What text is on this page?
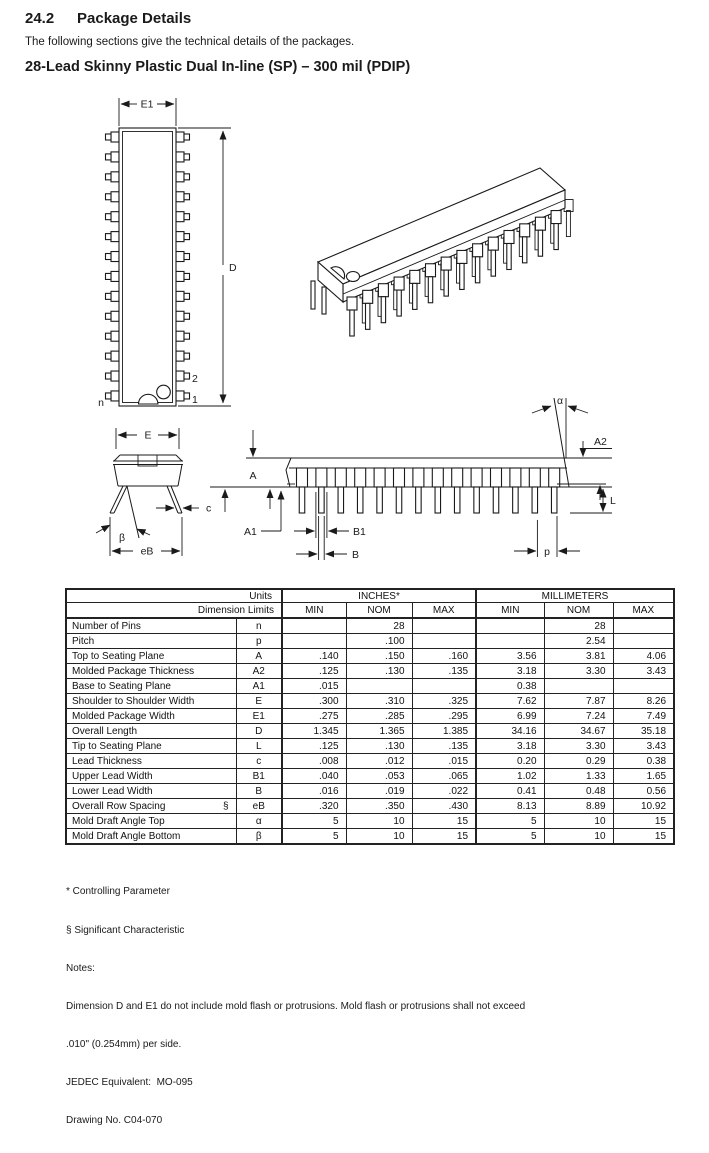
24.2 Package Details
The following sections give the technical details of the packages.
28-Lead Skinny Plastic Dual In-line (SP) – 300 mil (PDIP)
E1
D
n
2
1
E
β
c
eB
α
A
A1
A2
L
B1
B	p
Units		INCHES*			MILLIMETERS		
Dimension Limits		MIN	NOM	MAX	MIN	NOM	MAX
Number of Pins	n		28			28	
Pitch	p		.100			2.54	
Top to Seating Plane	A	.140	.150	.160	3.56	3.81	4.06
Molded Package Thickness	A2	.125	.130	.135	3.18	3.30	3.43
Base to Seating Plane	A1	.015			0.38		
Shoulder to Shoulder Width	E	.300	.310	.325	7.62	7.87	8.26
Molded Package Width	E1	.275	.285	.295	6.99	7.24	7.49
Overall Length	D	1.345	1.365	1.385	34.16	34.67	35.18
Tip to Seating Plane	L	.125	.130	.135	3.18	3.30	3.43
Lead Thickness	c	.008	.012	.015	0.20	0.29	0.38
Upper Lead Width	B1	.040	.053	.065	1.02	1.33	1.65
Lower Lead Width	B	.016	.019	.022	0.41	0.48	0.56
Overall Row Spacing §	eB	.320	.350	.430	8.13	8.89	10.92
Mold Draft Angle Top	α	5	10	15	5	10	15
Mold Draft Angle Bottom	β	5	10	15	5	10	15

* Controlling Parameter

§ Significant Characteristic

Notes:

Dimension D and E1 do not include mold flash or protrusions. Mold flash or protrusions shall not exceed

.010" (0.254mm) per side.

JEDEC Equivalent:  MO-095

Drawing No. C04-070
